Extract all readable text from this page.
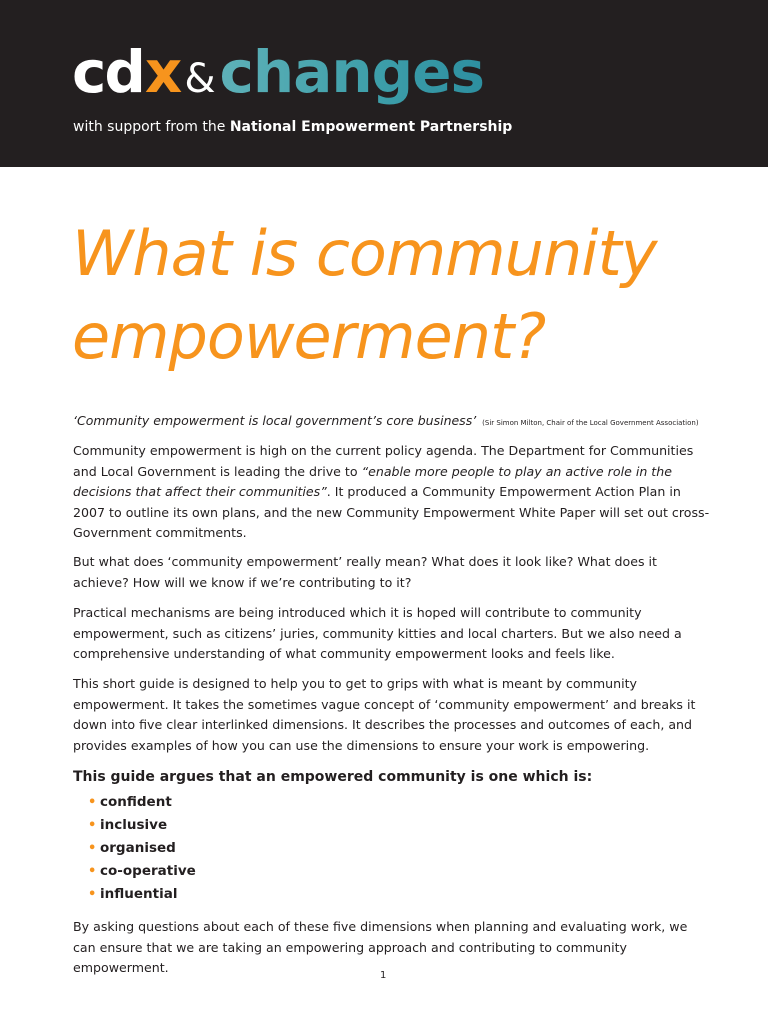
cdx&changes
with support from the National Empowerment Partnership
What is community
empowerment?
‘Community empowerment is local government’s core business’ (Sir Simon Milton, Chair of the Local Government Association)

Community empowerment is high on the current policy agenda. The Department for Communities and Local Government is leading the drive to “enable more people to play an active role in the decisions that affect their communities”. It produced a Community Empowerment Action Plan in 2007 to outline its own plans, and the new Community Empowerment White Paper will set out cross-Government commitments.

But what does ‘community empowerment’ really mean? What does it look like? What does it achieve? How will we know if we’re contributing to it?

Practical mechanisms are being introduced which it is hoped will contribute to community empowerment, such as citizens’ juries, community kitties and local charters. But we also need a comprehensive understanding of what community empowerment looks and feels like.

This short guide is designed to help you to get to grips with what is meant by community empowerment. It takes the sometimes vague concept of ‘community empowerment’ and breaks it down into five clear interlinked dimensions. It describes the processes and outcomes of each, and provides examples of how you can use the dimensions to ensure your work is empowering.

This guide argues that an empowered community is one which is:
• confident
• inclusive
• organised
• co-operative
• influential

By asking questions about each of these five dimensions when planning and evaluating work, we can ensure that we are taking an empowering approach and contributing to community empowerment.

1
